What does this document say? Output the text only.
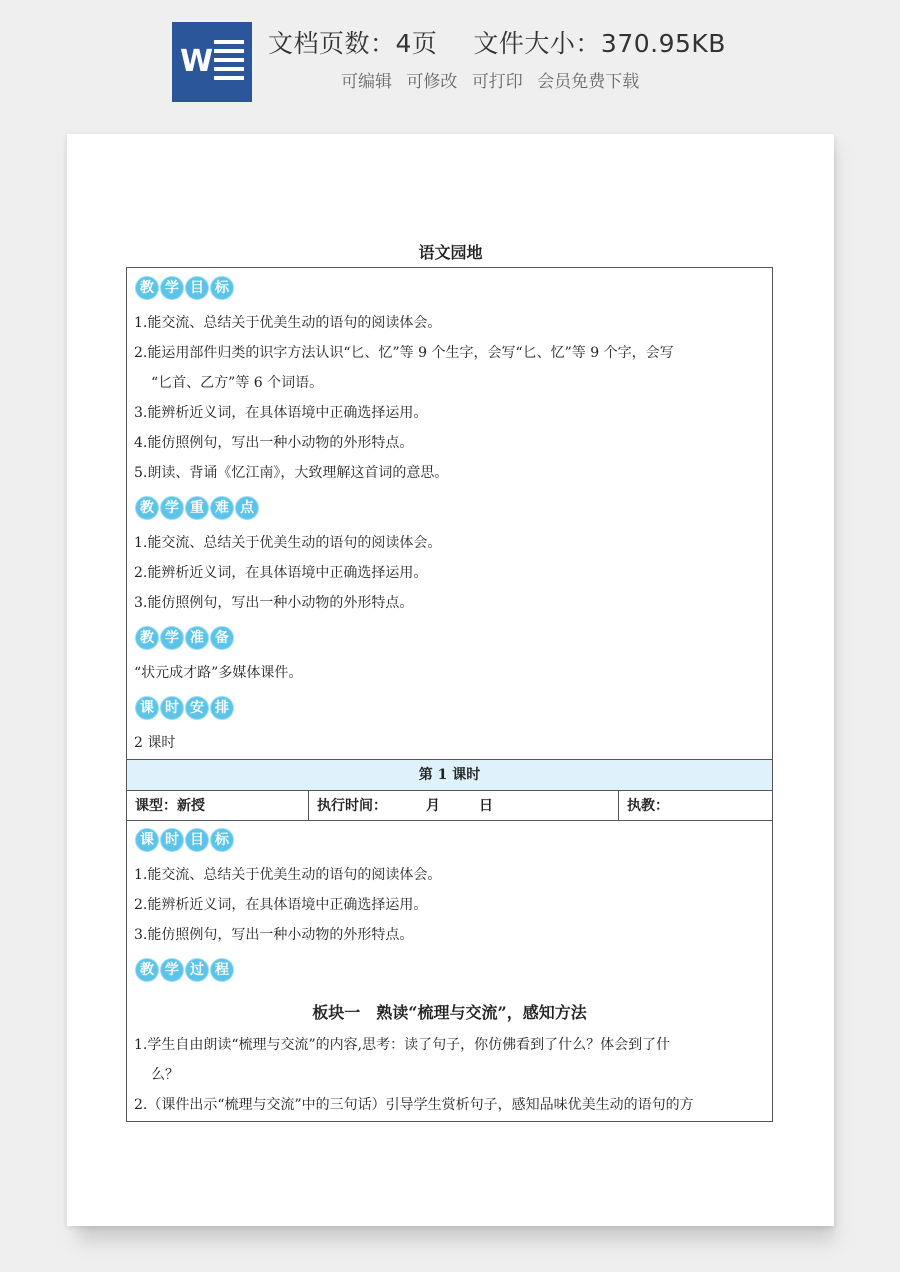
W
文档页数：4页 文件大小：370.95KB
可编辑 可修改 可打印 会员免费下载
语文园地
教 学 目 标
1.能交流、总结关于优美生动的语句的阅读体会。
2.能运用部件归类的识字方法认识“匕、忆”等 9 个生字，会写“匕、忆”等 9 个字，会写
“匕首、乙方”等 6 个词语。
3.能辨析近义词，在具体语境中正确选择运用。
4.能仿照例句，写出一种小动物的外形特点。
5.朗读、背诵《忆江南》，大致理解这首词的意思。
教 学 重 难 点
1.能交流、总结关于优美生动的语句的阅读体会。
2.能辨析近义词，在具体语境中正确选择运用。
3.能仿照例句，写出一种小动物的外形特点。
教 学 准 备
“状元成才路”多媒体课件。
课 时 安 排
2 课时
第 1 课时
课型：新授	执行时间：        月        日	执教：
课 时 目 标
1.能交流、总结关于优美生动的语句的阅读体会。
2.能辨析近义词，在具体语境中正确选择运用。
3.能仿照例句，写出一种小动物的外形特点。
教 学 过 程
板块一　熟读“梳理与交流”，感知方法
1.学生自由朗读“梳理与交流”的内容,思考：读了句子，你仿佛看到了什么？体会到了什
么？
2.（课件出示“梳理与交流”中的三句话）引导学生赏析句子，感知品味优美生动的语句的方
